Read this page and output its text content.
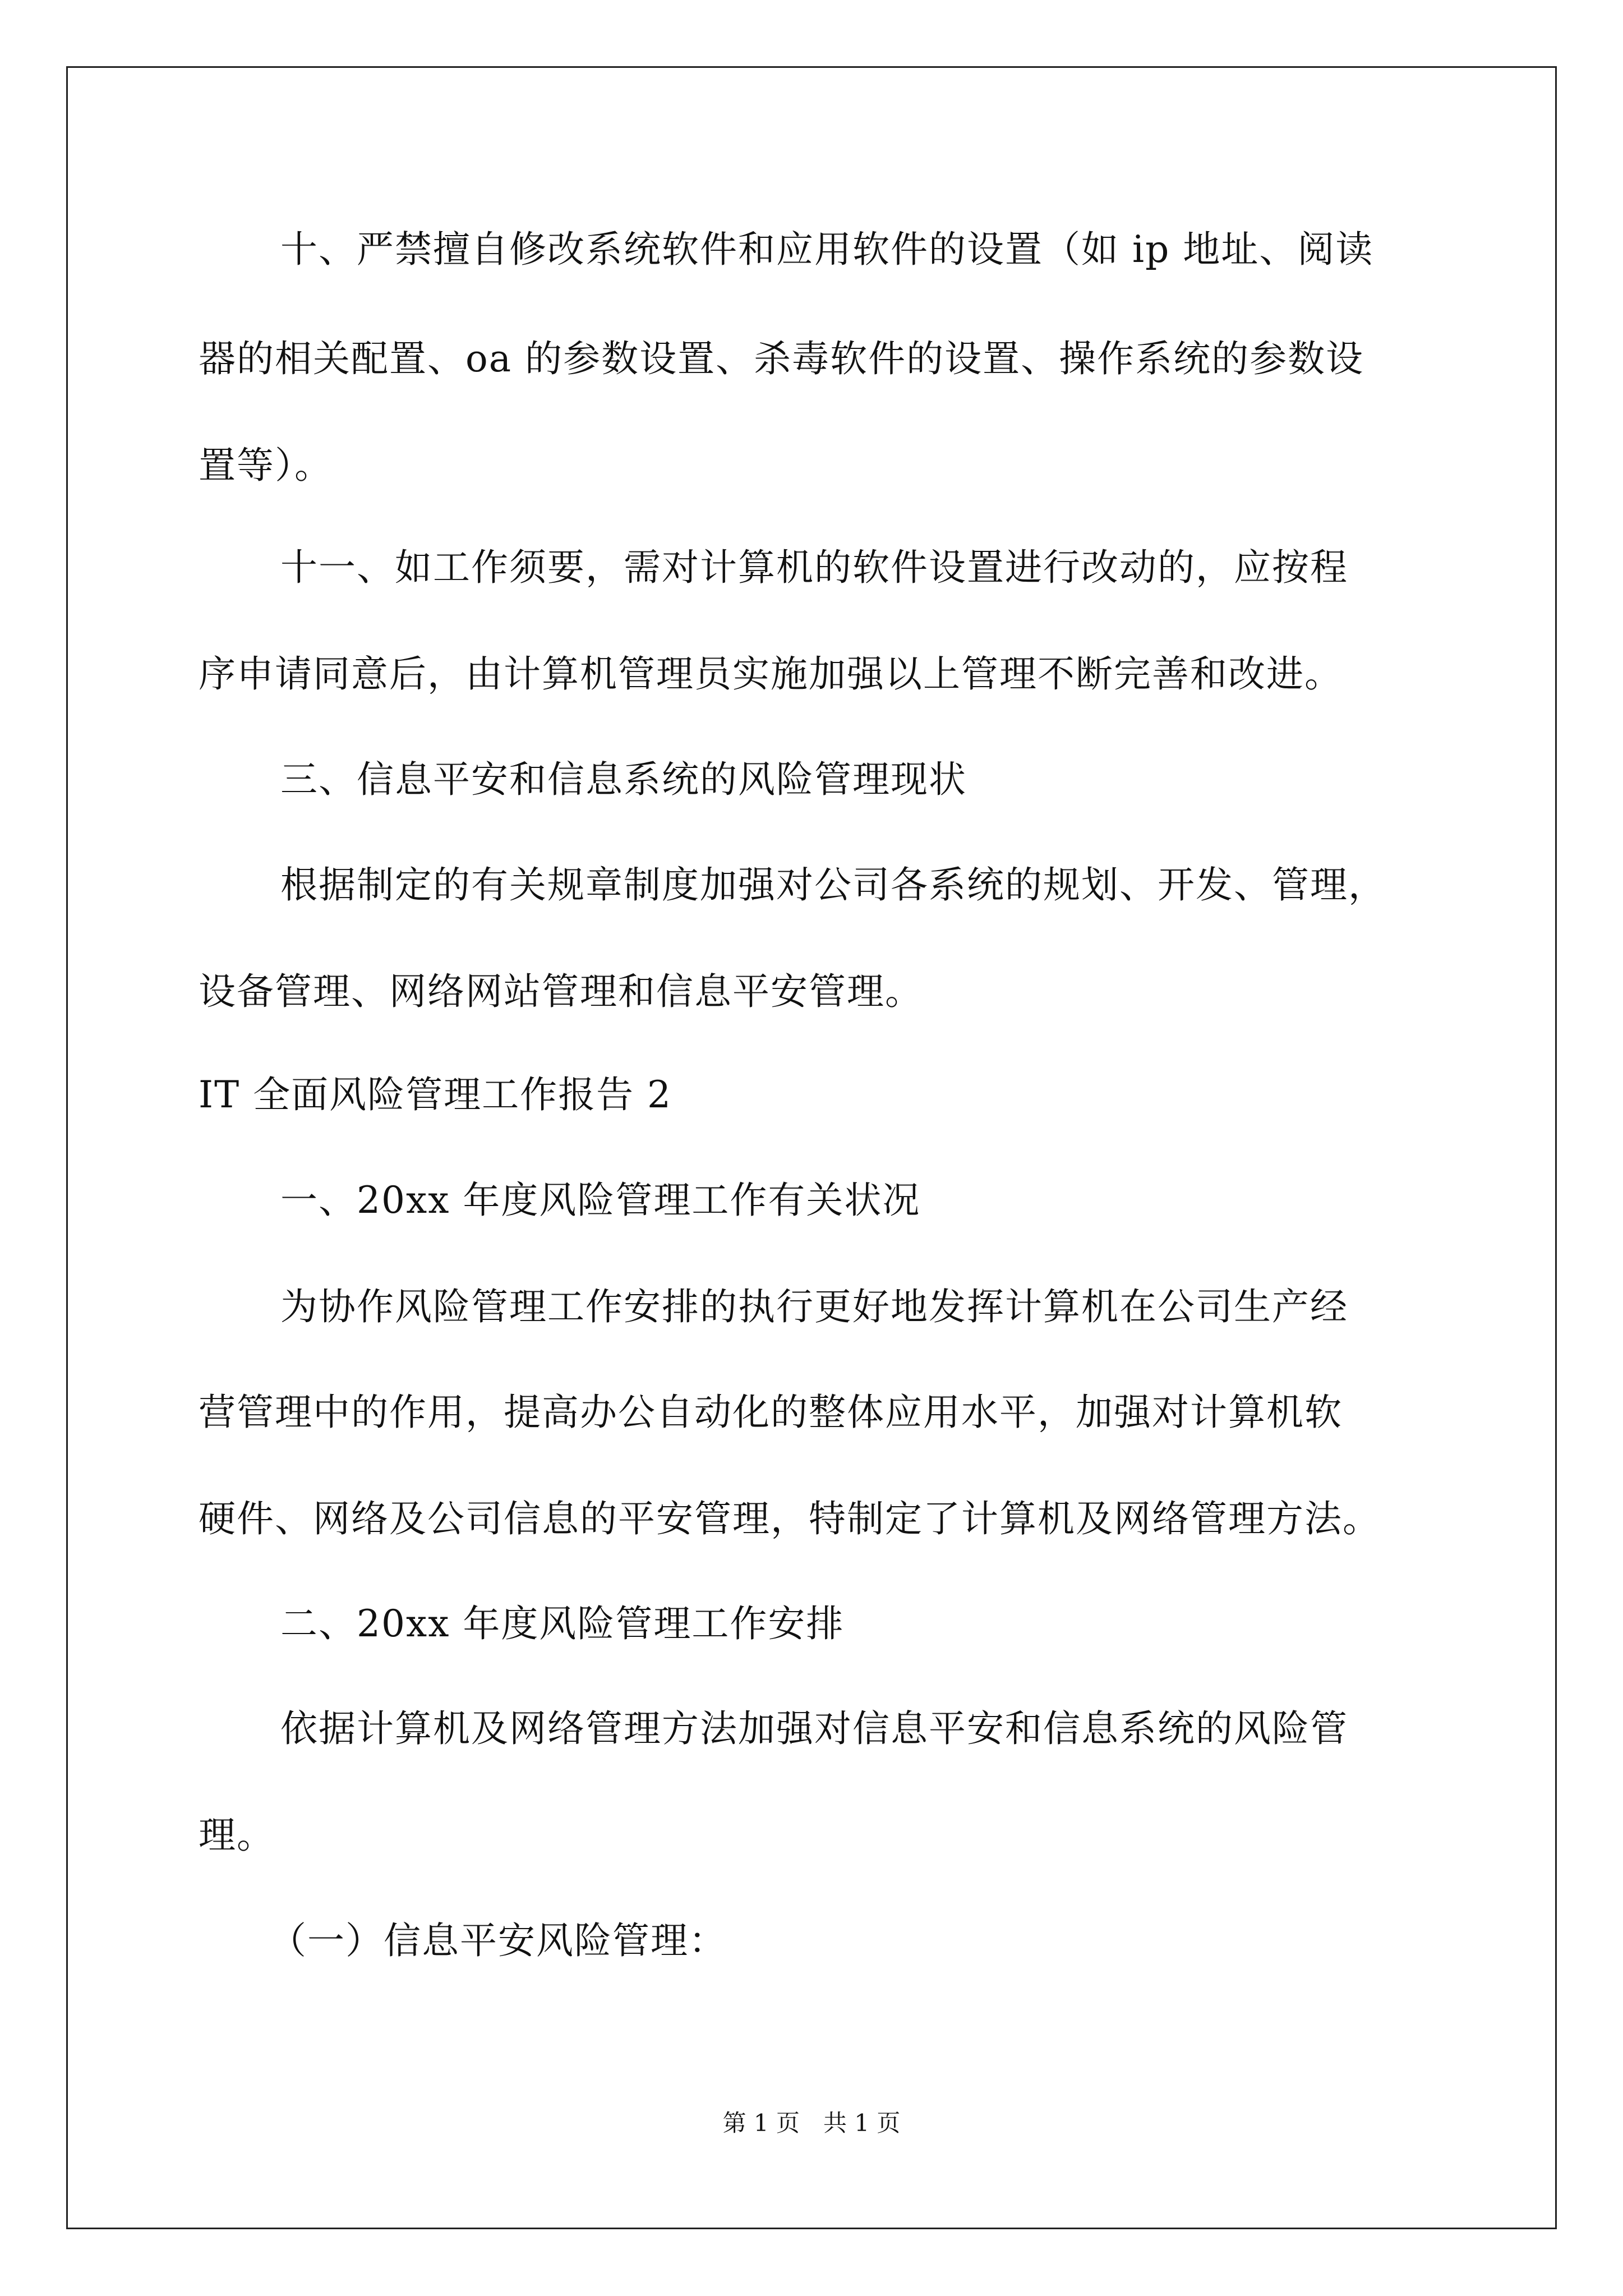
十、严禁擅自修改系统软件和应用软件的设置（如 ip 地址、阅读
器的相关配置、oa 的参数设置、杀毒软件的设置、操作系统的参数设
置等）。
十一、如工作须要，需对计算机的软件设置进行改动的，应按程
序申请同意后，由计算机管理员实施加强以上管理不断完善和改进。
三、信息平安和信息系统的风险管理现状
根据制定的有关规章制度加强对公司各系统的规划、开发、管理，
设备管理、网络网站管理和信息平安管理。
IT 全面风险管理工作报告 2
一、20xx 年度风险管理工作有关状况
为协作风险管理工作安排的执行更好地发挥计算机在公司生产经
营管理中的作用，提高办公自动化的整体应用水平，加强对计算机软
硬件、网络及公司信息的平安管理，特制定了计算机及网络管理方法。
二、20xx 年度风险管理工作安排
依据计算机及网络管理方法加强对信息平安和信息系统的风险管
理。
（一）信息平安风险管理：
第 1 页　共 1 页
